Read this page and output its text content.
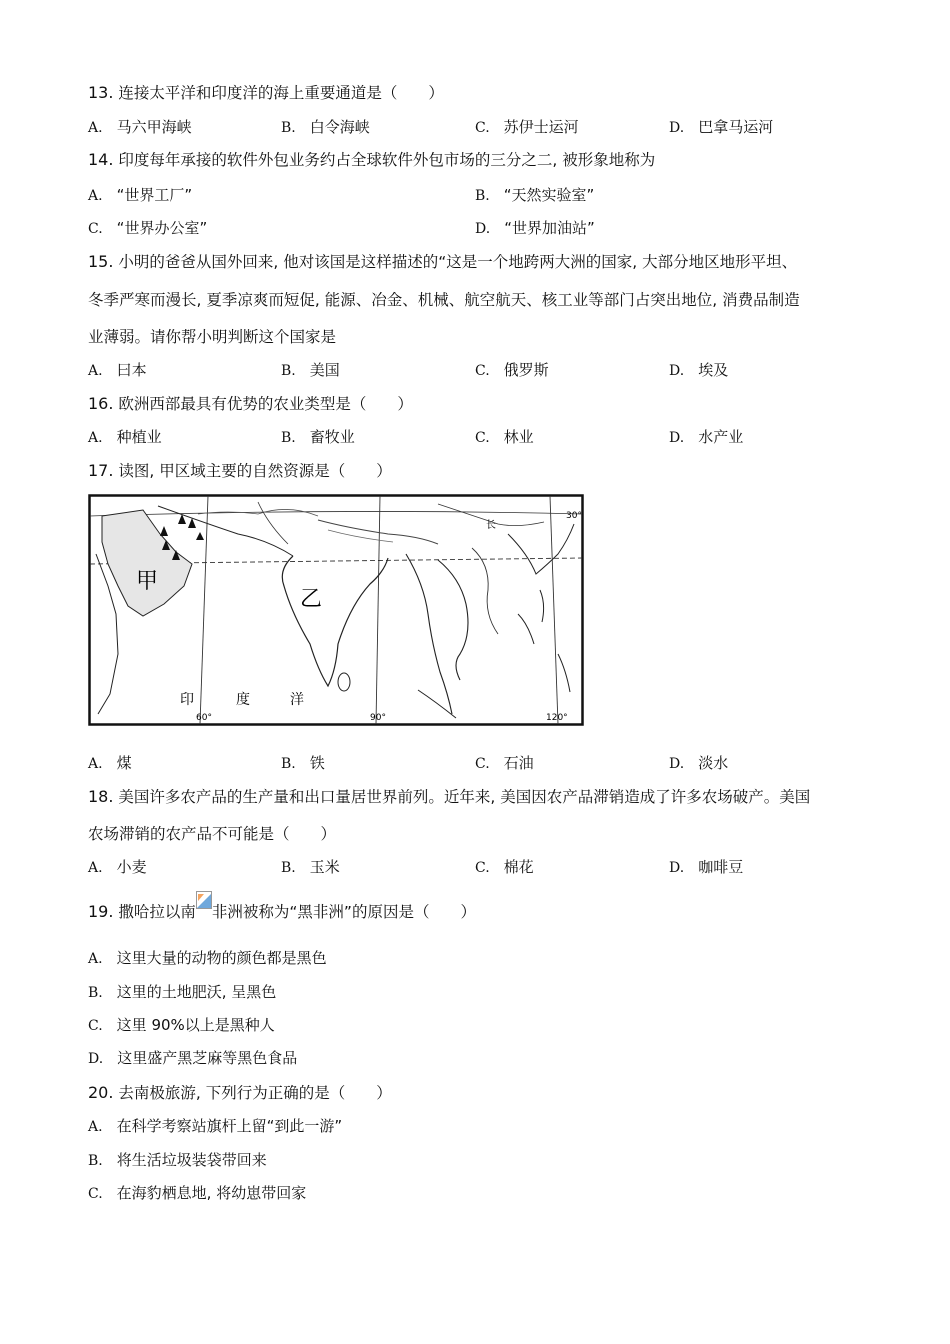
13. 连接太平洋和印度洋的海上重要通道是（　　）
A. 马六甲海峡	B. 白令海峡	C. 苏伊士运河	D. 巴拿马运河
14. 印度每年承接的软件外包业务约占全球软件外包市场的三分之二, 被形象地称为
A. “世界工厂”	B. “天然实验室”
C. “世界办公室”	D. “世界加油站”
15. 小明的爸爸从国外回来, 他对该国是这样描述的“这是一个地跨两大洲的国家, 大部分地区地形平坦、
冬季严寒而漫长, 夏季凉爽而短促, 能源、冶金、机械、航空航天、核工业等部门占突出地位, 消费品制造
业薄弱。请你帮小明判断这个国家是
A. 曰本	B. 美国	C. 俄罗斯	D. 埃及
16. 欧洲西部最具有优势的农业类型是（　　）
A. 种植业	B. 畜牧业	C. 林业	D. 水产业
17. 读图, 甲区域主要的自然资源是（　　）
甲
乙
印	度	洋
60°	90°	120°
30°
长
A. 煤	B. 铁	C. 石油	D. 淡水
18. 美国许多农产品的生产量和出口量居世界前列。近年来, 美国因农产品滞销造成了许多农场破产。美国
农场滞销的农产品不可能是（　　）
A. 小麦	B. 玉米	C. 棉花	D. 咖啡豆
19. 撒哈拉以南 非洲被称为“黑非洲”的原因是（　　）
A. 这里大量的动物的颜色都是黑色
B. 这里的土地肥沃, 呈黑色
C. 这里 90%以上是黑种人
D. 这里盛产黑芝麻等黑色食品
20. 去南极旅游, 下列行为正确的是（　　）
A. 在科学考察站旗杆上留“到此一游”
B. 将生活垃圾装袋带回来
C. 在海豹栖息地, 将幼崽带回家
